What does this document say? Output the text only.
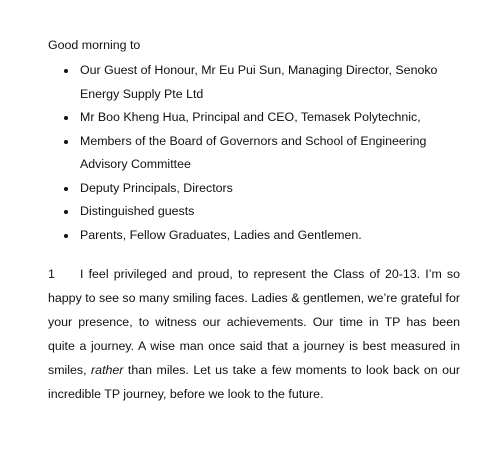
Good morning to
Our Guest of Honour, Mr Eu Pui Sun, Managing Director, Senoko Energy Supply Pte Ltd
Mr Boo Kheng Hua, Principal and CEO, Temasek Polytechnic,
Members of the Board of Governors and School of Engineering Advisory Committee
Deputy Principals, Directors
Distinguished guests
Parents, Fellow Graduates, Ladies and Gentlemen.

1 I feel privileged and proud, to represent the Class of 20-13. I’m so happy to see so many smiling faces. Ladies & gentlemen, we’re grateful for your presence, to witness our achievements. Our time in TP has been quite a journey. A wise man once said that a journey is best measured in smiles, rather than miles. Let us take a few moments to look back on our incredible TP journey, before we look to the future.
